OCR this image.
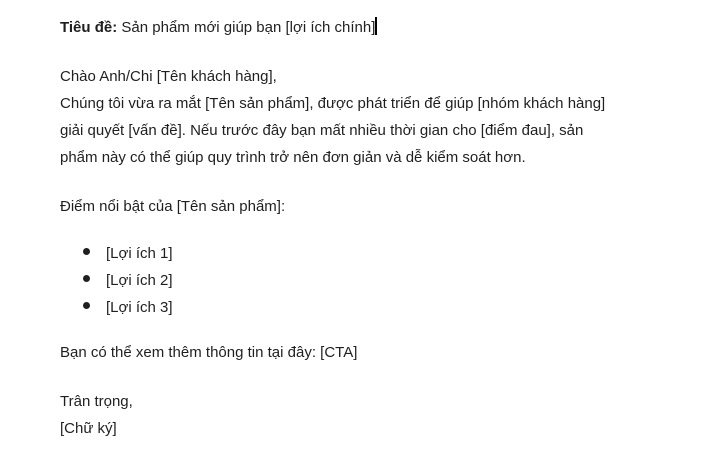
Tiêu đề: Sản phẩm mới giúp bạn [lợi ích chính]
Chào Anh/Chi [Tên khách hàng],
Chúng tôi vừa ra mắt [Tên sản phẩm], được phát triển để giúp [nhóm khách hàng]
giải quyết [vấn đề]. Nếu trước đây bạn mất nhiều thời gian cho [điểm đau], sản
phẩm này có thể giúp quy trình trở nên đơn giản và dễ kiểm soát hơn.
Điểm nổi bật của [Tên sản phẩm]:
[Lợi ích 1]
[Lợi ích 2]
[Lợi ích 3]
Bạn có thể xem thêm thông tin tại đây: [CTA]
Trân trọng,
[Chữ ký]
